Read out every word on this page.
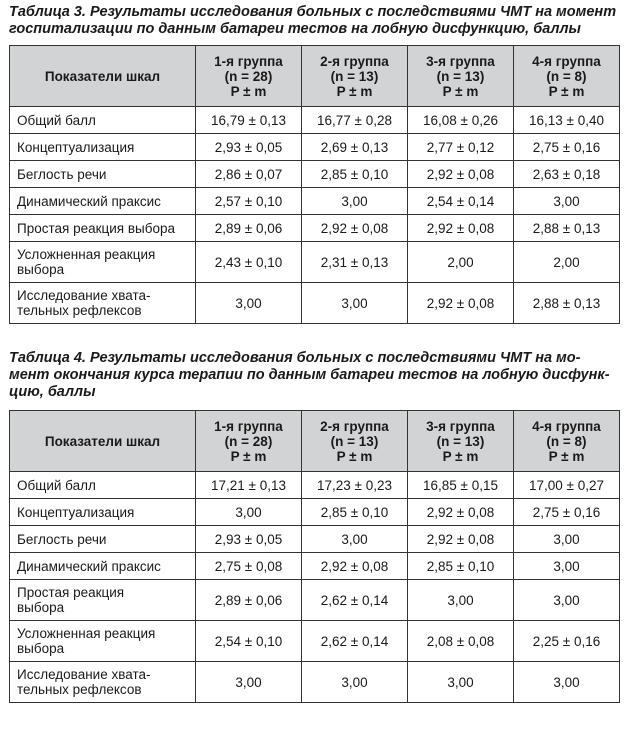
Таблица 3. Результаты исследования больных с последствиями ЧМТ на момент госпитализации по данным батареи тестов на лобную дисфункцию, баллы

Показатели шкал	1-я группа
(n = 28)
P ± m	2-я группа
(n = 13)
P ± m	3-я группа
(n = 13)
P ± m	4-я группа
(n = 8)
P ± m

Общий балл	16,79 ± 0,13	16,77 ± 0,28	16,08 ± 0,26	16,13 ± 0,40
Концептуализация	2,93 ± 0,05	2,69 ± 0,13	2,77 ± 0,12	2,75 ± 0,16
Беглость речи	2,86 ± 0,07	2,85 ± 0,10	2,92 ± 0,08	2,63 ± 0,18
Динамический праксис	2,57 ± 0,10	3,00	2,54 ± 0,14	3,00
Простая реакция выбора	2,89 ± 0,06	2,92 ± 0,08	2,92 ± 0,08	2,88 ± 0,13

Усложненная реакция
выбора	2,43 ± 0,10	2,31 ± 0,13	2,00	2,00

Исследование хвата-
тельных рефлексов	3,00	3,00	2,92 ± 0,08	2,88 ± 0,13

Таблица 4. Результаты исследования больных с последствиями ЧМТ на мо-мент окончания курса терапии по данным батареи тестов на лобную дисфунк-цию, баллы

Показатели шкал	1-я группа
(n = 28)
P ± m	2-я группа
(n = 13)
P ± m	3-я группа
(n = 13)
P ± m	4-я группа
(n = 8)
P ± m

Общий балл	17,21 ± 0,13	17,23 ± 0,23	16,85 ± 0,15	17,00 ± 0,27
Концептуализация	3,00	2,85 ± 0,10	2,92 ± 0,08	2,75 ± 0,16
Беглость речи	2,93 ± 0,05	3,00	2,92 ± 0,08	3,00
Динамический праксис	2,75 ± 0,08	2,92 ± 0,08	2,85 ± 0,10	3,00

Простая реакция
выбора	2,89 ± 0,06	2,62 ± 0,14	3,00	3,00

Усложненная реакция
выбора	2,54 ± 0,10	2,62 ± 0,14	2,08 ± 0,08	2,25 ± 0,16

Исследование хвата-
тельных рефлексов	3,00	3,00	3,00	3,00
